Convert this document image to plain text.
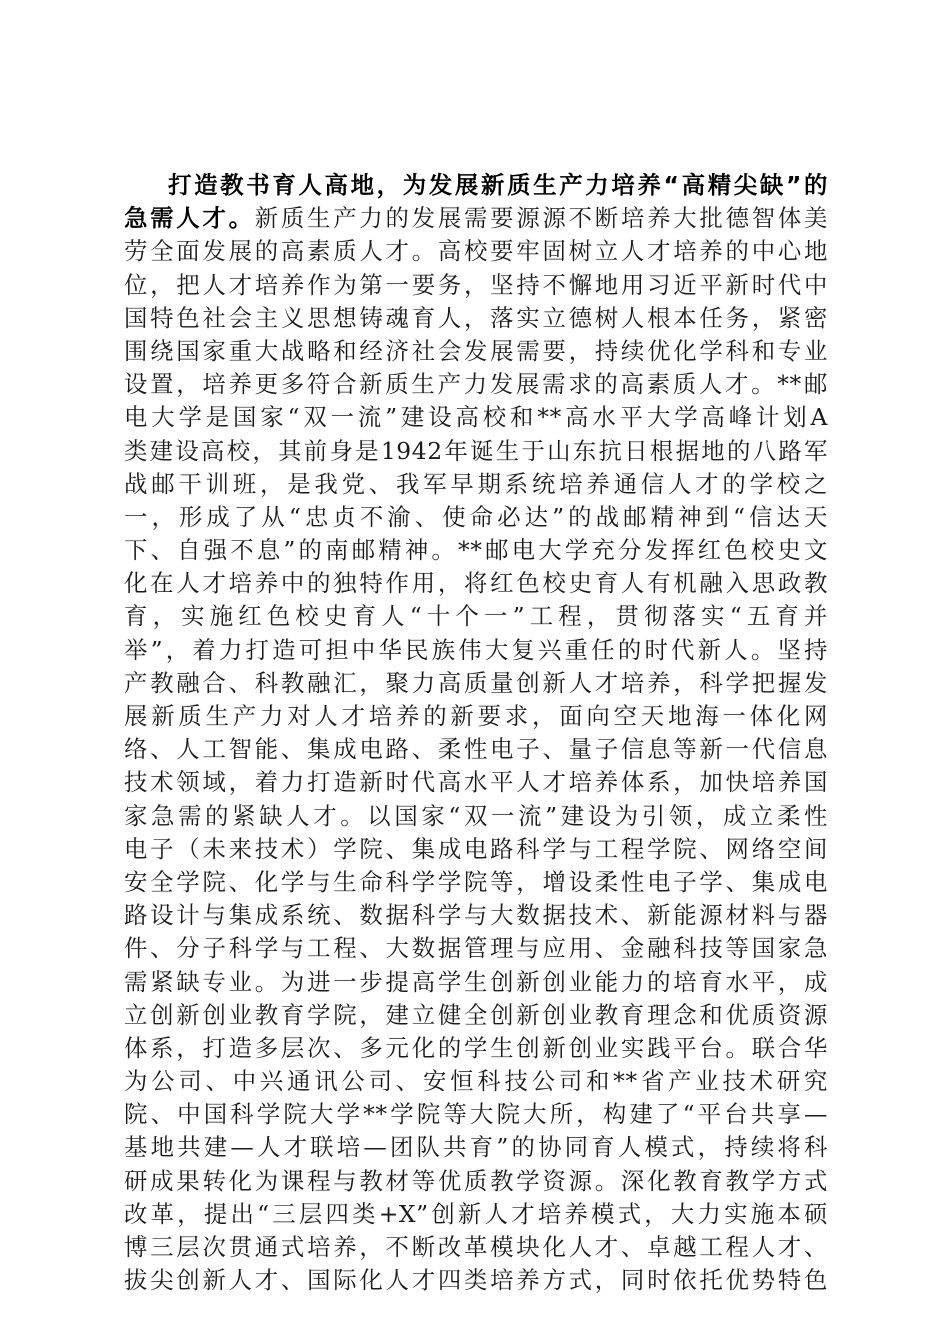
打造教书育人高地，为发展新质生产力培养“高精尖缺”的
急需人才。新质生产力的发展需要源源不断培养大批德智体美
劳全面发展的高素质人才。高校要牢固树立人才培养的中心地
位，把人才培养作为第一要务，坚持不懈地用习近平新时代中
国特色社会主义思想铸魂育人，落实立德树人根本任务，紧密
围绕国家重大战略和经济社会发展需要，持续优化学科和专业
设置，培养更多符合新质生产力发展需求的高素质人才。**邮
电大学是国家“双一流”建设高校和**高水平大学高峰计划A
类建设高校，其前身是1942年诞生于山东抗日根据地的八路军
战邮干训班，是我党、我军早期系统培养通信人才的学校之
一，形成了从“忠贞不渝、使命必达”的战邮精神到“信达天
下、自强不息”的南邮精神。**邮电大学充分发挥红色校史文
化在人才培养中的独特作用，将红色校史育人有机融入思政教
育，实施红色校史育人“十个一”工程，贯彻落实“五育并
举”，着力打造可担中华民族伟大复兴重任的时代新人。坚持
产教融合、科教融汇，聚力高质量创新人才培养，科学把握发
展新质生产力对人才培养的新要求，面向空天地海一体化网
络、人工智能、集成电路、柔性电子、量子信息等新一代信息
技术领域，着力打造新时代高水平人才培养体系，加快培养国
家急需的紧缺人才。以国家“双一流”建设为引领，成立柔性
电子（未来技术）学院、集成电路科学与工程学院、网络空间
安全学院、化学与生命科学学院等，增设柔性电子学、集成电
路设计与集成系统、数据科学与大数据技术、新能源材料与器
件、分子科学与工程、大数据管理与应用、金融科技等国家急
需紧缺专业。为进一步提高学生创新创业能力的培育水平，成
立创新创业教育学院，建立健全创新创业教育理念和优质资源
体系，打造多层次、多元化的学生创新创业实践平台。联合华
为公司、中兴通讯公司、安恒科技公司和**省产业技术研究
院、中国科学院大学**学院等大院大所，构建了“平台共享—
基地共建—人才联培—团队共育”的协同育人模式，持续将科
研成果转化为课程与教材等优质教学资源。深化教育教学方式
改革，提出“三层四类+X”创新人才培养模式，大力实施本硕
博三层次贯通式培养，不断改革模块化人才、卓越工程人才、
拔尖创新人才、国际化人才四类培养方式，同时依托优势特色
